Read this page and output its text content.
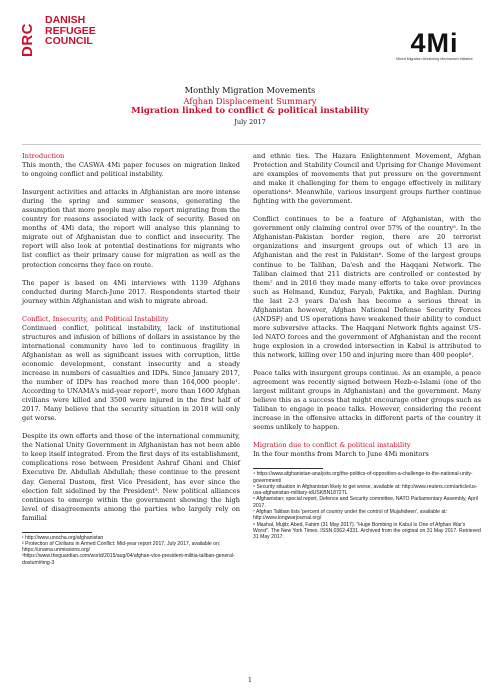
DRC
DANISH
REFUGEE
COUNCIL	4Mi
Mixed Migration Monitoring Mechanism Initiative
Monthly Migration Movements
Afghan Displacement Summary
Migration linked to conflict & political instability
July 2017
Introduction

This month, the CASWA 4Mi paper focuses on migration linked to ongoing conflict and political instability.

Insurgent activities and attacks in Afghanistan are more intense during the spring and summer seasons, generating the assumption that more people may also report migrating from the country for reasons associated with lack of security. Based on months of 4Mi data, the report will analyse this planning to migrate out of Afghanistan due to conflict and insecurity. The report will also look at potential destinations for migrants who list conflict as their primary cause for migration as well as the protection concerns they face on route.

The paper is based on 4Mi interviews with 1139 Afghans conducted during March-June 2017. Respondents started their journey within Afghanistan and wish to migrate abroad.

Conflict, Insecurity, and Political Instability

Continued conflict, political instability, lack of institutional structures and infusion of billions of dollars in assistance by the international community have led to continuous fragility in Afghanistan as well as significant issues with corruption, little economic development, constant insecurity and a steady increase in numbers of casualties and IDPs. Since January 2017, the number of IDPs has reached more than 164,000 people¹. According to UNAMA's mid-year report², more than 1600 Afghan civilians were killed and 3500 were injured in the first half of 2017. Many believe that the security situation in 2018 will only get worse.

Despite its own efforts and those of the international community, the National Unity Government in Afghanistan has not been able to keep itself integrated. From the first days of its establishment, complications rose between President Ashraf Ghani and Chief Executive Dr. Abdullah Abdullah; these continue to the present day. General Dustom, first Vice President, has ever since the election felt sidelined by the President³. New political alliances continues to emerge within the government showing the high level of disagreements among the parties who largely rely on familial

¹ http://www.unocha.org/afghanistan
² Protection of Civilians in Armed Conflict: Mid-year report 2017, July 2017, available on: https://unama.unmissions.org/
³https://www.theguardian.com/world/2015/aug/04/afghan-vice-president-militia-taliban-general-dostum#img-3

and ethnic ties. The Hazara Enlightenment Movement, Afghan Protection and Stability Council and Uprising for Change Movement are examples of movements that put pressure on the government and make it challenging for them to engage effectively in military operations⁴. Meanwhile, various insurgent groups further continue fighting with the government.

Conflict continues to be a feature of Afghanistan, with the government only claiming control over 57% of the country⁵. In the Afghanistan-Pakistan border region, there are 20 terrorist organizations and insurgent groups out of which 13 are in Afghanistan and the rest in Pakistan⁶. Some of the largest groups continue to be Taliban, Da'esh and the Haqqani Network. The Taliban claimed that 211 districts are controlled or contested by them⁷ and in 2016 they made many efforts to take over provinces such as Helmand, Kunduz, Faryab, Paktika, and Baghlan. During the last 2-3 years Da'esh has become a serious threat in Afghanistan however, Afghan National Defense Security Forces (ANDSF) and US operations have weakened their ability to conduct more subversive attacks. The Haqqani Network fights against US-led NATO forces and the government of Afghanistan and the recent huge explosion in a crowded intersection in Kabul is attributed to this network, killing over 150 and injuring more than 400 people⁸.

Peace talks with insurgent groups continue. As an example, a peace agreement was recently signed between Hezb-e-Islami (one of the largest militant groups in Afghanistan) and the government. Many believe this as a success that might encourage other groups such as Taliban to engage in peace talks. However, considering the recent increase in the offensive attacks in different parts of the country it seems unlikely to happen.

Migration due to conflict & political instability

In the four months from March to June 4Mi monitors

⁴ https://www.afghanistan-analysts.org/the-politics-of-opposition-a-challenge-to-the-national-unity-government/
⁵ Security situation in Afghanistan likely to get worse, available at: http://www.reuters.com/article/us-usa-afghanistan-military-idUSKBN1872TL
⁶ Afghanistan; special report, Defence and Security committee, NATO Parliamentary Assembly, April 2017.
⁷ Afghan Taliban lists 'percent of country under the control of Mujahideen', available at: http://www.longwarjournal.org/
⁸ Mashal, Mujib; Abed, Fahim (31 May 2017). "Huge Bombing in Kabul Is One of Afghan War's Worst". The New York Times. ISSN 0362-4331. Archived from the original on 31 May 2017. Retrieved 31 May 2017.
1
